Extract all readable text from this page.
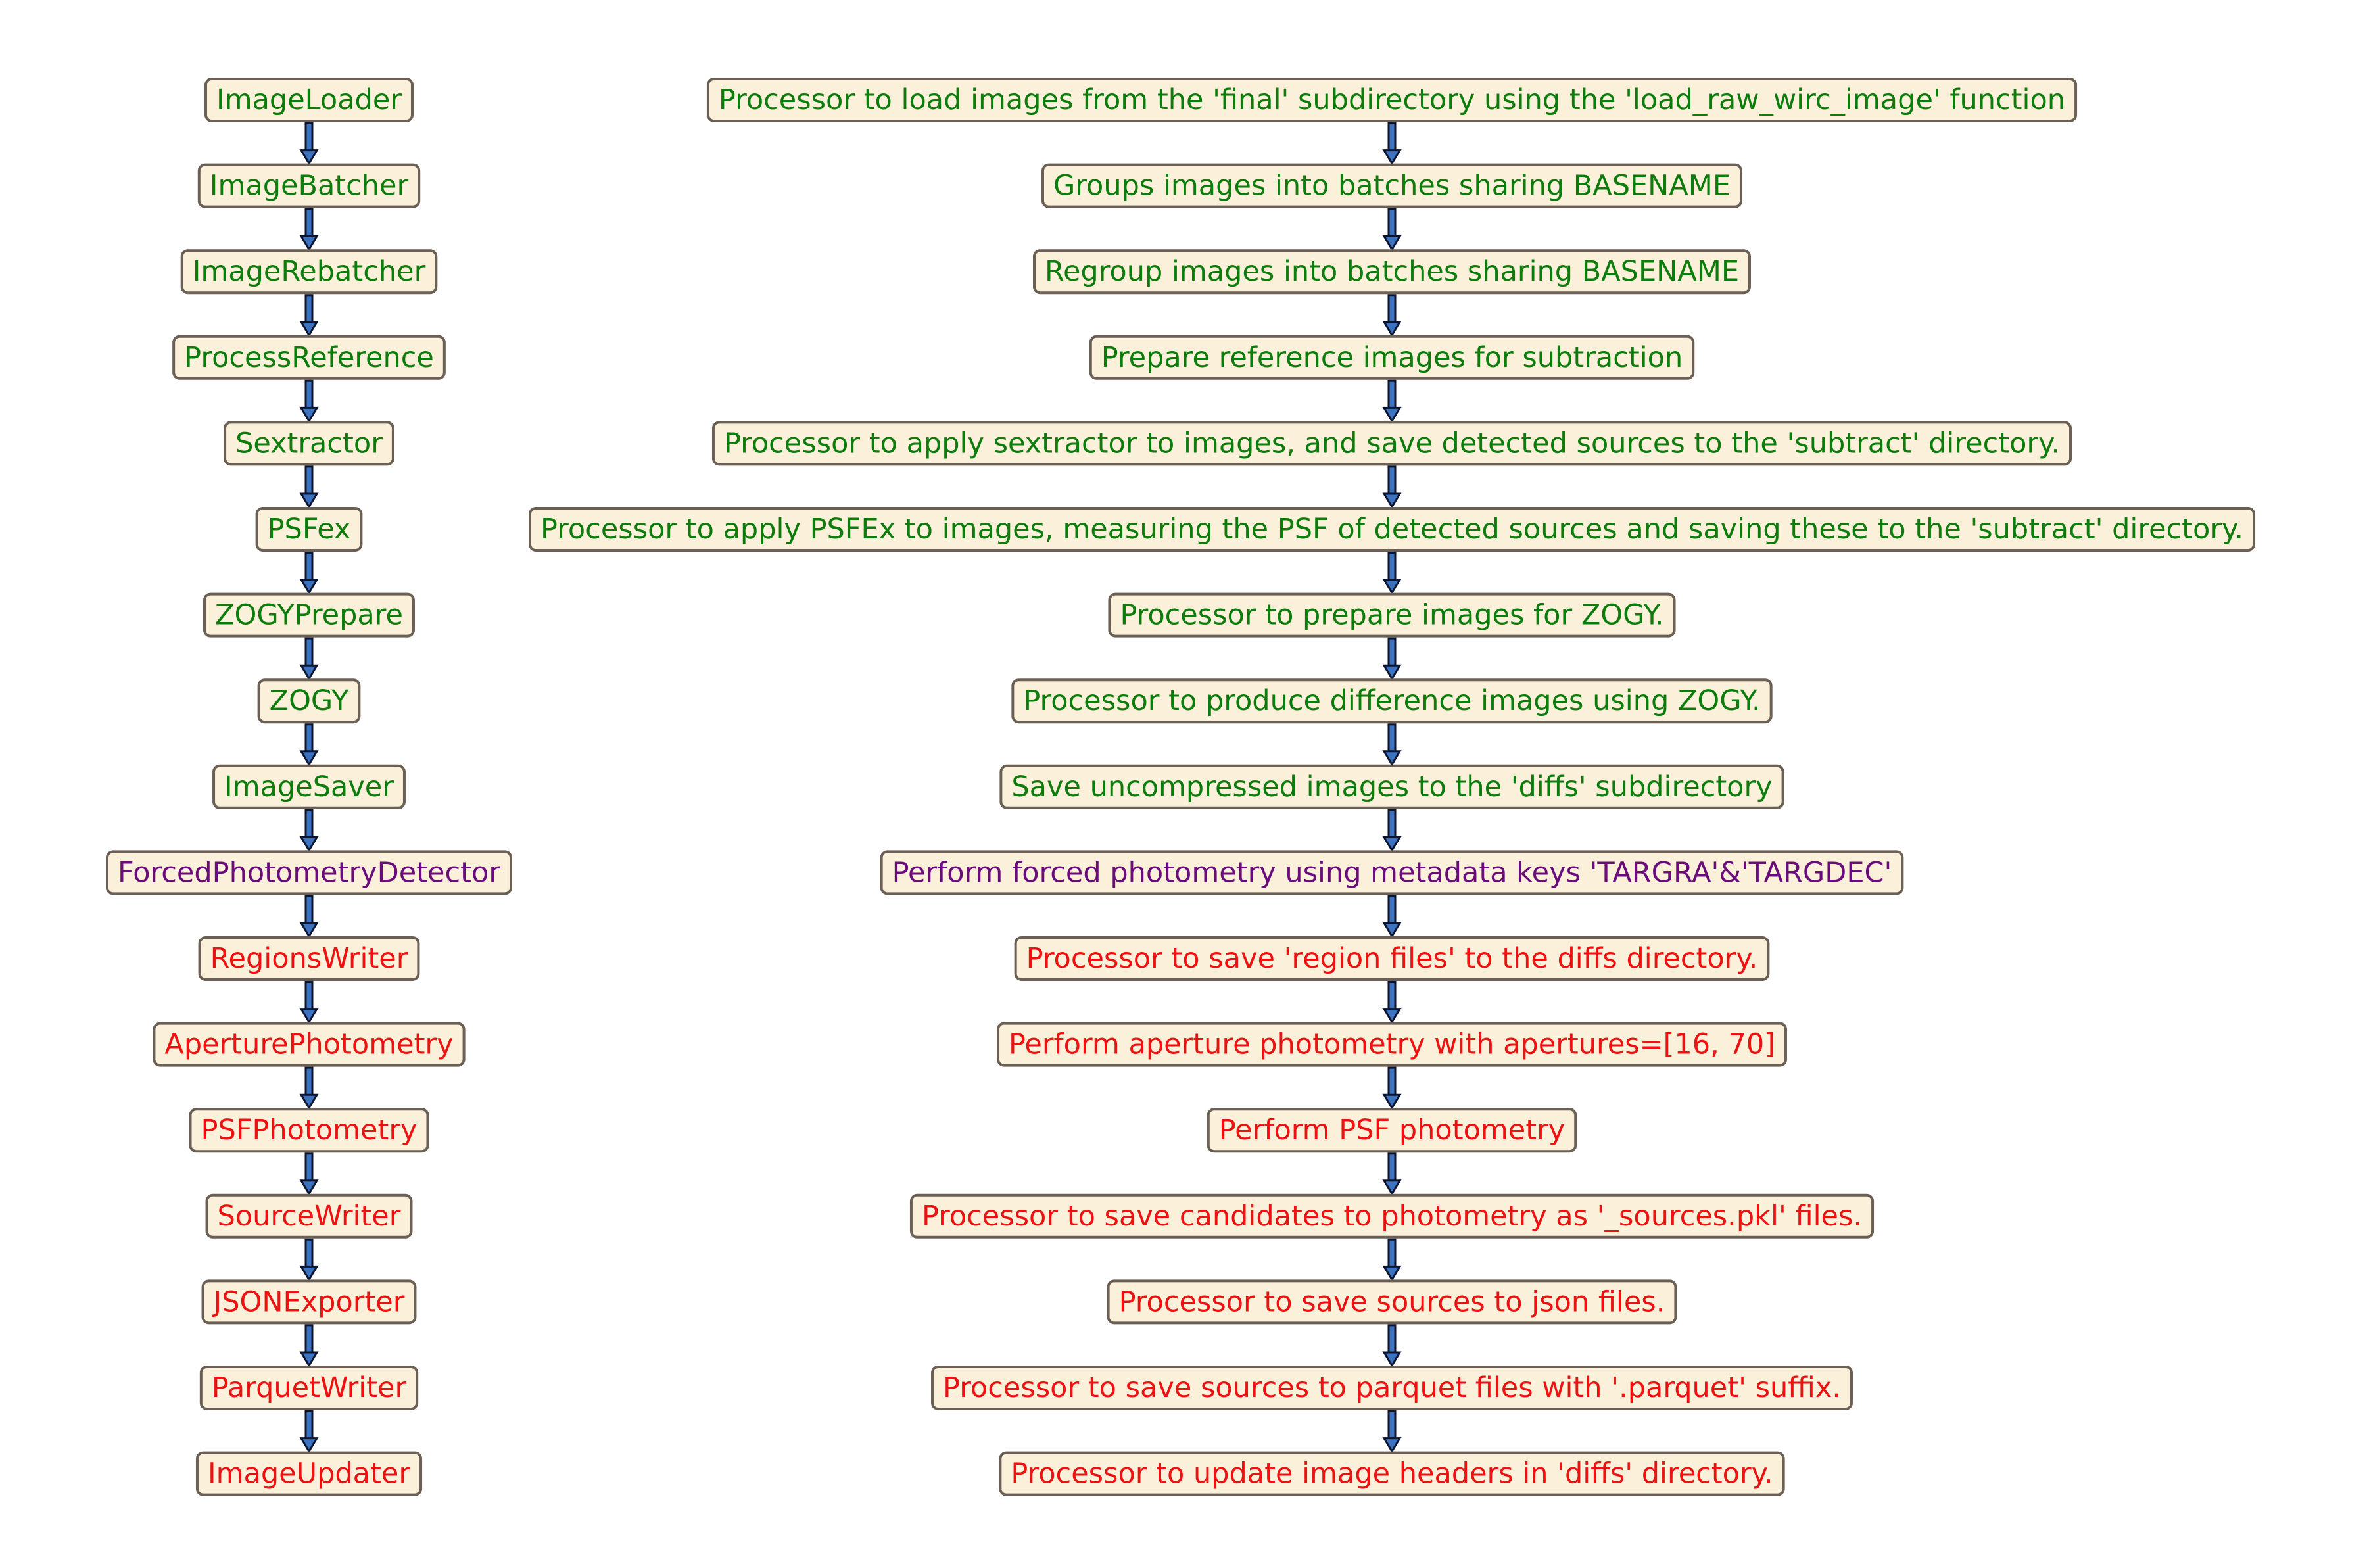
ImageLoader
ImageBatcher
ImageRebatcher
ProcessReference
Sextractor
PSFex
ZOGYPrepare
ZOGY
ImageSaver
ForcedPhotometryDetector
RegionsWriter
AperturePhotometry
PSFPhotometry
SourceWriter
JSONExporter
ParquetWriter
ImageUpdater
Processor to load images from the 'final' subdirectory using the 'load_raw_wirc_image' function
Groups images into batches sharing BASENAME
Regroup images into batches sharing BASENAME
Prepare reference images for subtraction
Processor to apply sextractor to images, and save detected sources to the 'subtract' directory.
Processor to apply PSFEx to images, measuring the PSF of detected sources and saving these to the 'subtract' directory.
Processor to prepare images for ZOGY.
Processor to produce difference images using ZOGY.
Save uncompressed images to the 'diffs' subdirectory
Perform forced photometry using metadata keys 'TARGRA'&'TARGDEC'
Processor to save 'region files' to the diffs directory.
Perform aperture photometry with apertures=[16, 70]
Perform PSF photometry
Processor to save candidates to photometry as '_sources.pkl' files.
Processor to save sources to json files.
Processor to save sources to parquet files with '.parquet' suffix.
Processor to update image headers in 'diffs' directory.
